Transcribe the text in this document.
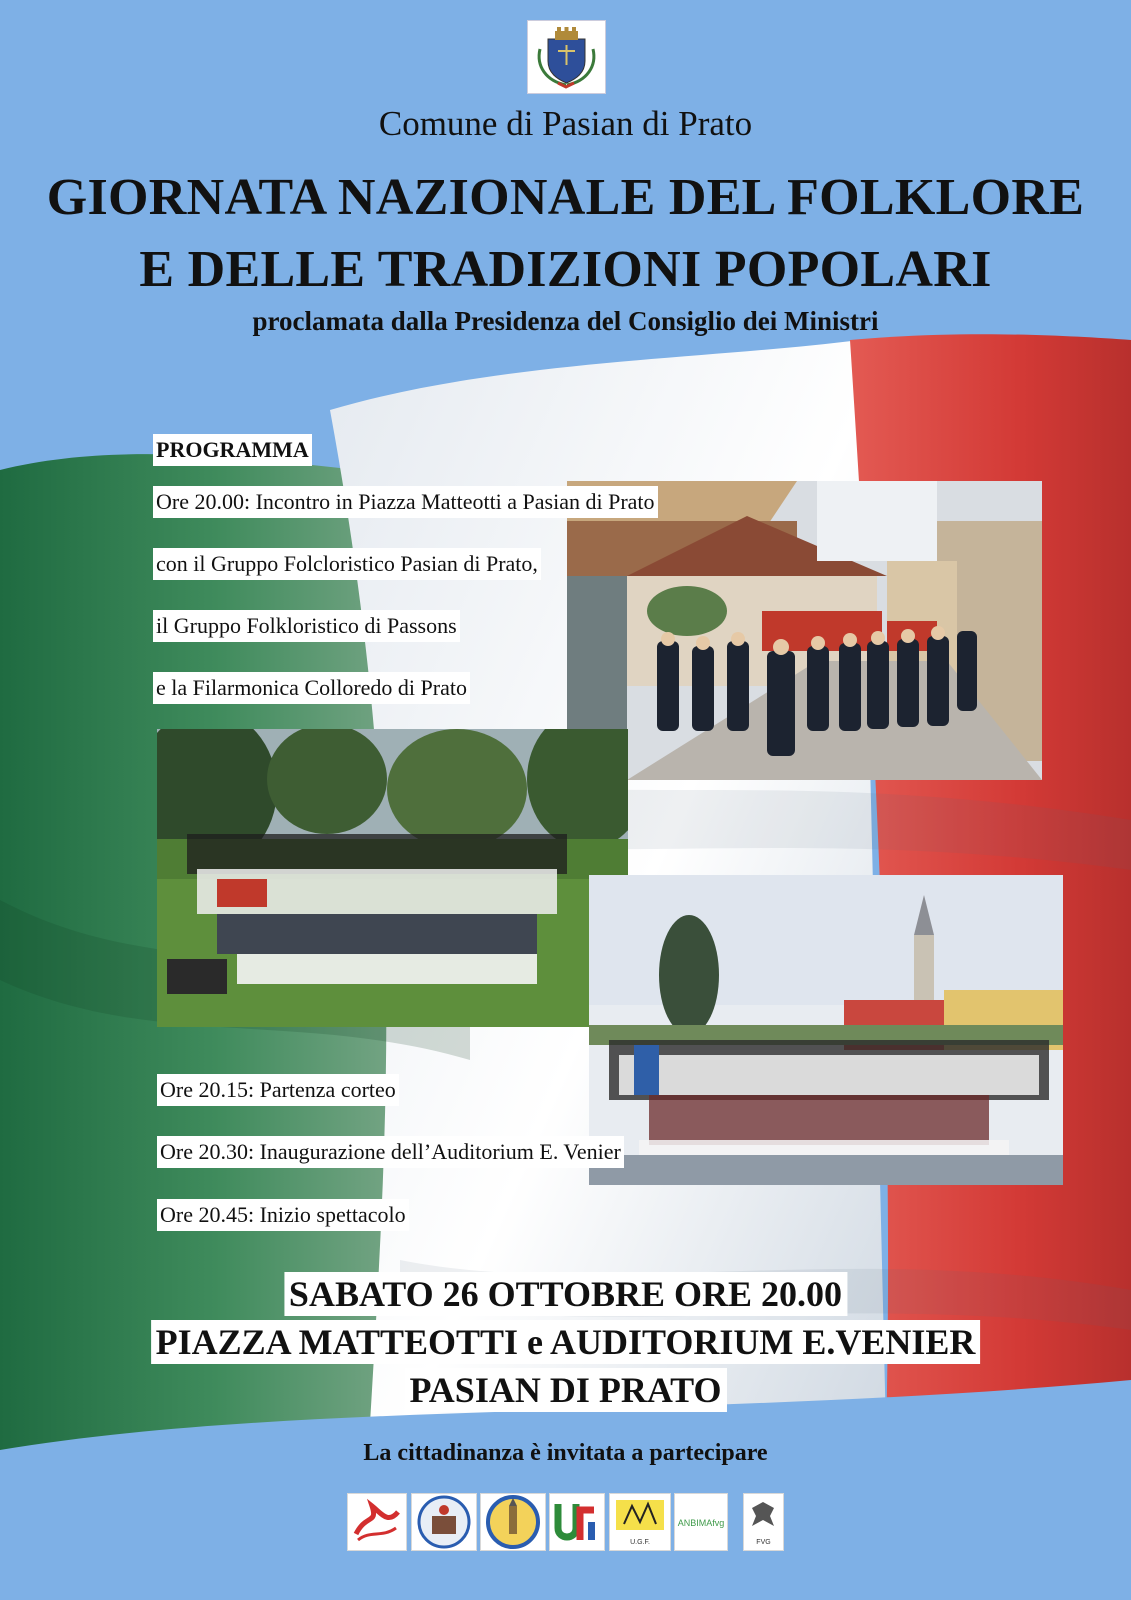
Comune di Pasian di Prato
GIORNATA NAZIONALE DEL FOLKLORE
E DELLE TRADIZIONI POPOLARI
proclamata dalla Presidenza del Consiglio dei Ministri
PROGRAMMA
Ore 20.00: Incontro in Piazza Matteotti a Pasian di Prato
con il Gruppo Folcloristico Pasian di Prato,
il Gruppo Folkloristico di Passons
e la Filarmonica Colloredo di Prato
Ore 20.15: Partenza corteo
Ore 20.30: Inaugurazione dell’Auditorium E. Venier
Ore 20.45: Inizio spettacolo
SABATO 26 OTTOBRE ORE 20.00
PIAZZA MATTEOTTI e AUDITORIUM E.VENIER
PASIAN DI PRATO
La cittadinanza è invitata a partecipare
U.G.F.
ANBIMAfvg
FVG
